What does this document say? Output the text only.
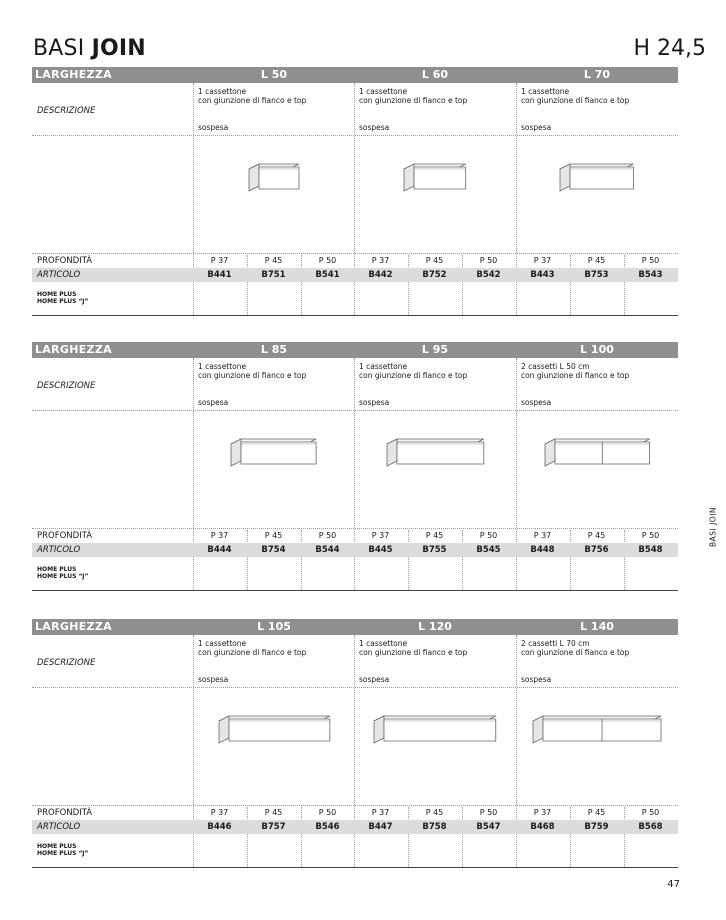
BASI JOIN	H 24,5
BASI JOIN
47
LARGHEZZA	L 50	L 60	L 70
DESCRIZIONE
1 cassettone
con giunzione di fianco e top
sospesa
1 cassettone
con giunzione di fianco e top
sospesa
1 cassettone
con giunzione di fianco e top
sospesa
PROFONDITÀ	P 37	P 45	P 50	P 37	P 45	P 50	P 37	P 45	P 50
ARTICOLO	B441	B751	B541	B442	B752	B542	B443	B753	B543
HOME PLUS
HOME PLUS “J”
LARGHEZZA	L 85	L 95	L 100
DESCRIZIONE
1 cassettone
con giunzione di fianco e top
sospesa
1 cassettone
con giunzione di fianco e top
sospesa
2 cassetti L 50 cm
con giunzione di fianco e top
sospesa
PROFONDITÀ	P 37	P 45	P 50	P 37	P 45	P 50	P 37	P 45	P 50
ARTICOLO	B444	B754	B544	B445	B755	B545	B448	B756	B548
HOME PLUS
HOME PLUS “J”
LARGHEZZA	L 105	L 120	L 140
DESCRIZIONE
1 cassettone
con giunzione di fianco e top
sospesa
1 cassettone
con giunzione di fianco e top
sospesa
2 cassetti L 70 cm
con giunzione di fianco e top
sospesa
PROFONDITÀ	P 37	P 45	P 50	P 37	P 45	P 50	P 37	P 45	P 50
ARTICOLO	B446	B757	B546	B447	B758	B547	B468	B759	B568
HOME PLUS
HOME PLUS “J”
